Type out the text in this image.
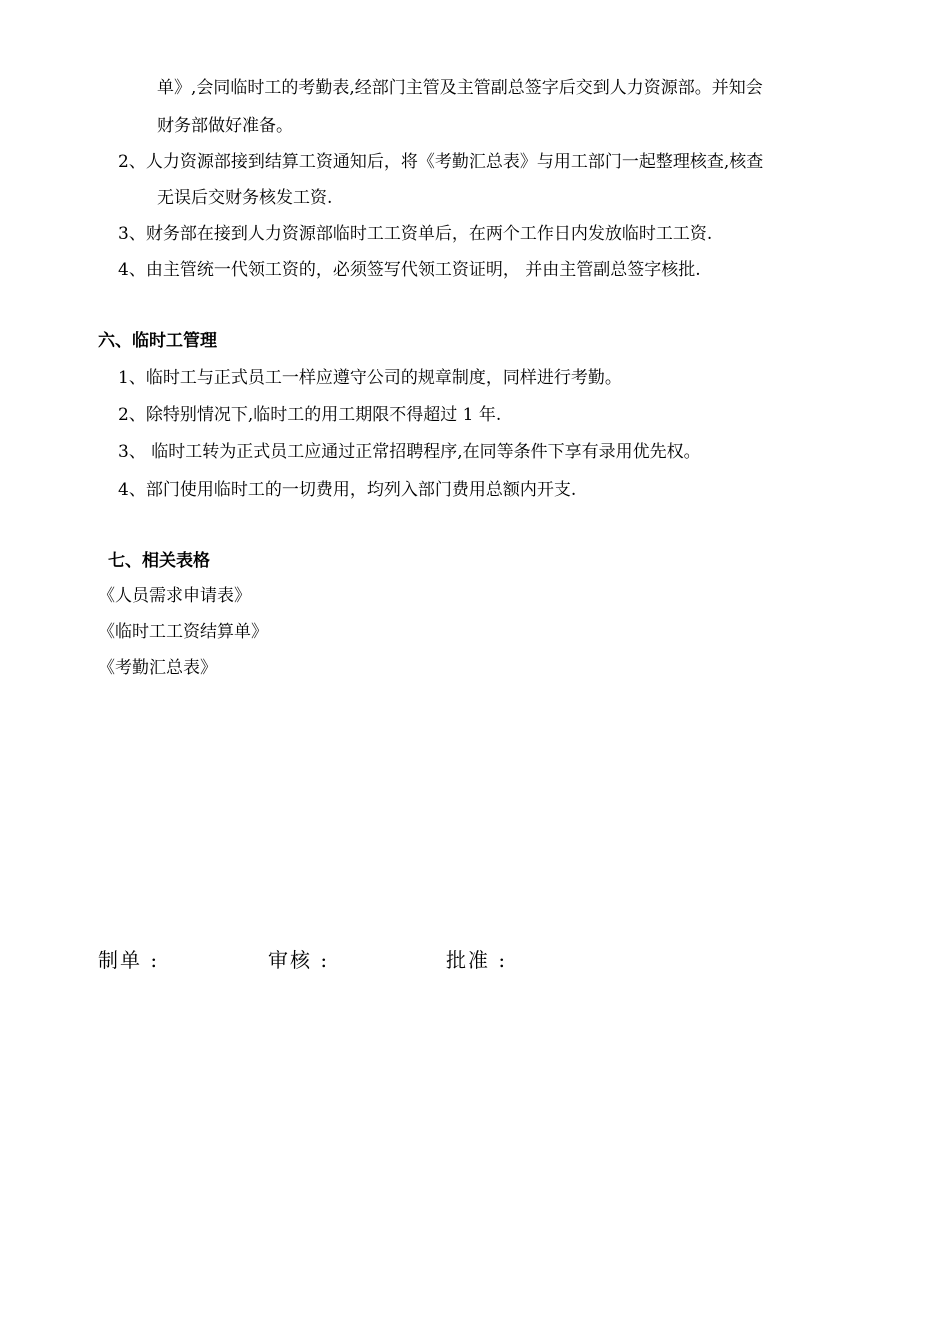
单》,会同临时工的考勤表,经部门主管及主管副总签字后交到人力资源部。并知会
财务部做好准备。
2、人力资源部接到结算工资通知后，将《考勤汇总表》与用工部门一起整理核查,核查
无误后交财务核发工资.
3、财务部在接到人力资源部临时工工资单后，在两个工作日内发放临时工工资.
4、由主管统一代领工资的，必须签写代领工资证明， 并由主管副总签字核批.
六、临时工管理
1、临时工与正式员工一样应遵守公司的规章制度，同样进行考勤。
2、除特别情况下,临时工的用工期限不得超过 1 年.
3、 临时工转为正式员工应通过正常招聘程序,在同等条件下享有录用优先权。
4、部门使用临时工的一切费用，均列入部门费用总额内开支.
七、相关表格
《人员需求申请表》
《临时工工资结算单》
《考勤汇总表》
制单 :	审核 :	批准 :
